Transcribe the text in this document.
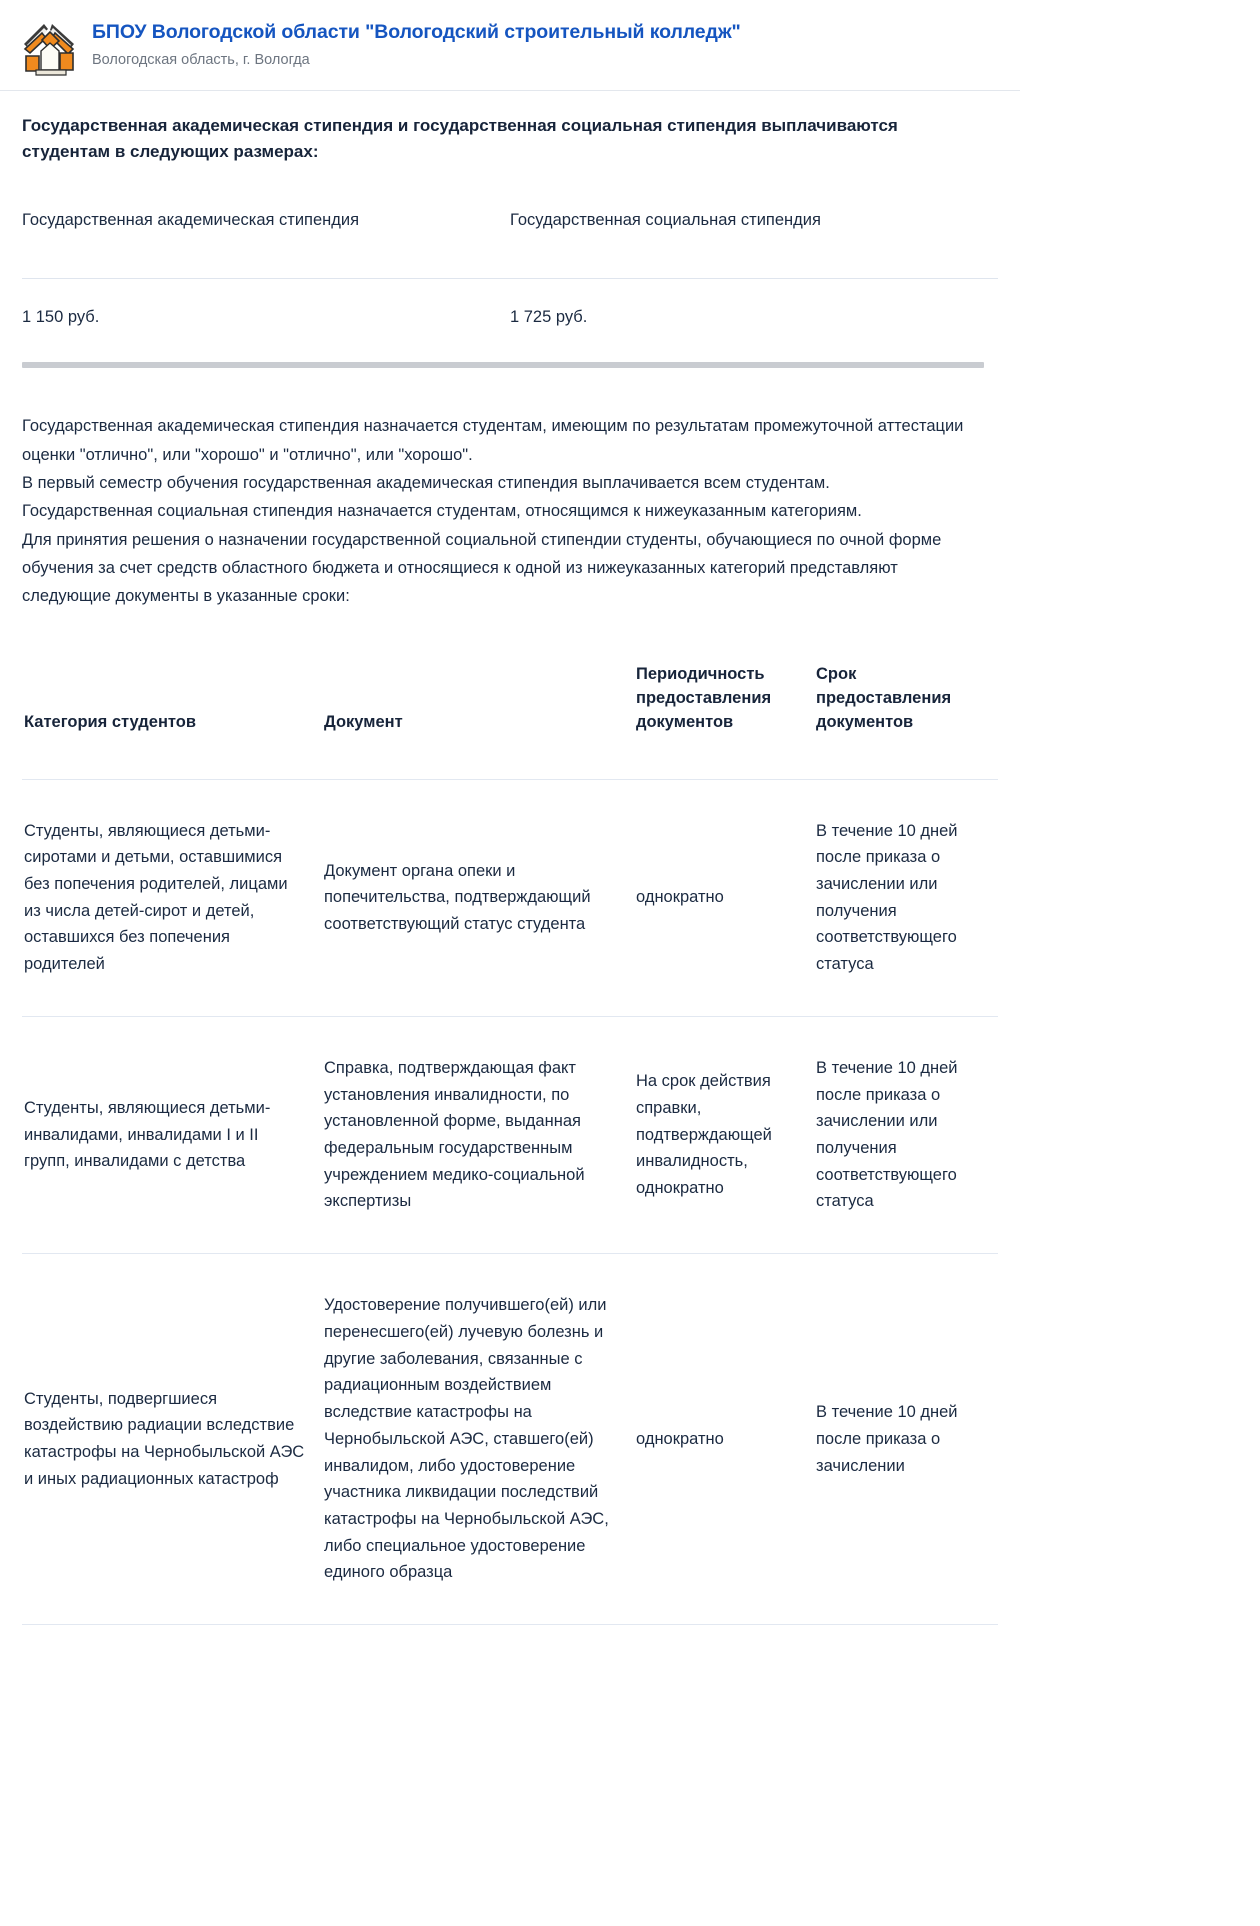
БПОУ Вологодской области "Вологодский строительный колледж"
Вологодская область, г. Вологда
Государственная академическая стипендия и государственная социальная стипендия выплачиваются студентам в следующих размерах:
Государственная академическая стипендия	Государственная социальная стипендия
1 150 руб.	1 725 руб.

Государственная академическая стипендия назначается студентам, имеющим по результатам промежуточной аттестации оценки "отлично", или "хорошо" и "отлично", или "хорошо".

В первый семестр обучения государственная академическая стипендия выплачивается всем студентам.

Государственная социальная стипендия назначается студентам, относящимся к нижеуказанным категориям.

Для принятия решения о назначении государственной социальной стипендии студенты, обучающиеся по очной форме обучения за счет средств областного бюджета и относящиеся к одной из нижеуказанных категорий представляют следующие документы в указанные сроки:

Категория студентов	Документ	Периодичность предоставления документов	Срок предоставления документов
Студенты, являющиеся детьми-сиротами и детьми, оставшимися без попечения родителей, лицами из числа детей-сирот и детей, оставшихся без попечения родителей	Документ органа опеки и попечительства, подтверждающий соответствующий статус студента	однократно	В течение 10 дней после приказа о зачислении или получения соответствующего статуса
Студенты, являющиеся детьми-инвалидами, инвалидами I и II групп, инвалидами с детства	Справка, подтверждающая факт установления инвалидности, по установленной форме, выданная федеральным государственным учреждением медико-социальной экспертизы	На срок действия справки, подтверждающей инвалидность, однократно	В течение 10 дней после приказа о зачислении или получения соответствующего статуса
Студенты, подвергшиеся воздействию радиации вследствие катастрофы на Чернобыльской АЭС и иных радиационных катастроф	Удостоверение получившего(ей) или перенесшего(ей) лучевую болезнь и другие заболевания, связанные с радиационным воздействием вследствие катастрофы на Чернобыльской АЭС, ставшего(ей) инвалидом, либо удостоверение участника ликвидации последствий катастрофы на Чернобыльской АЭС, либо специальное удостоверение единого образца	однократно	В течение 10 дней после приказа о зачислении
